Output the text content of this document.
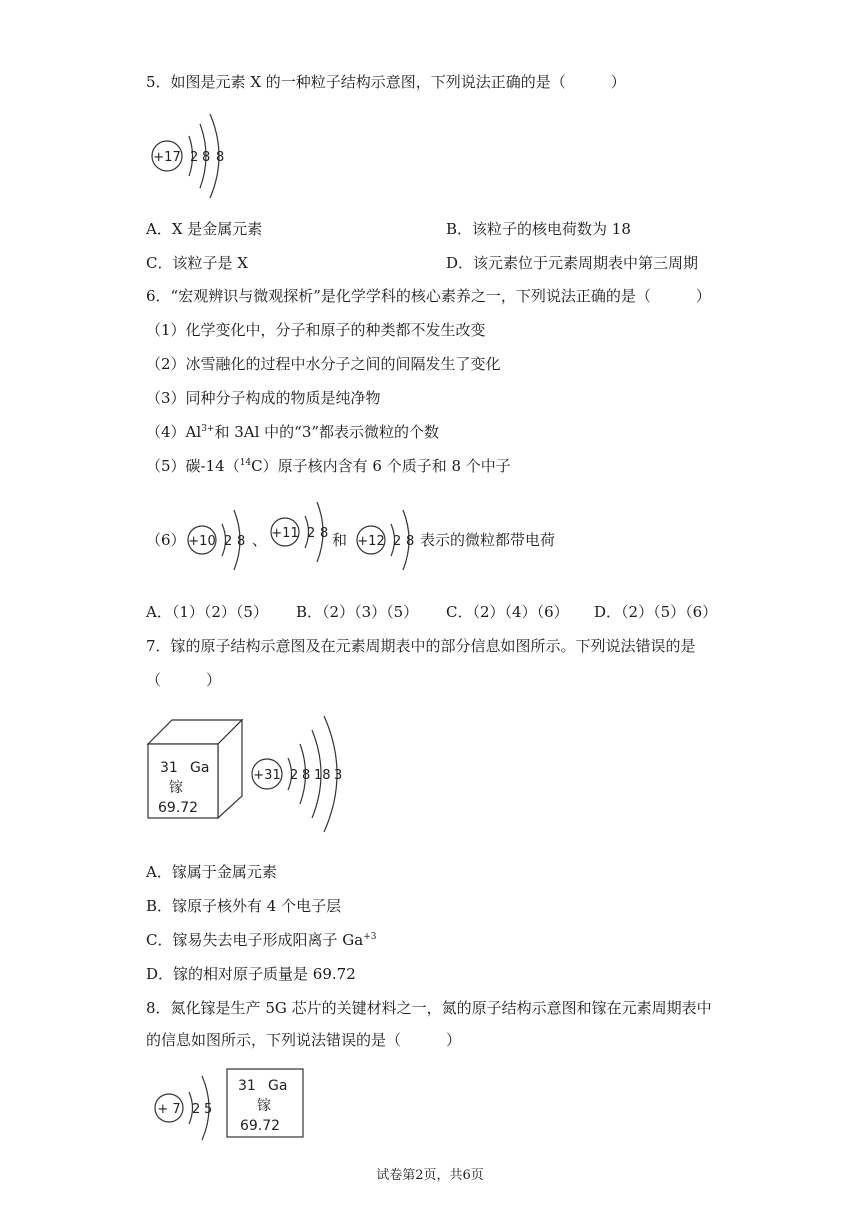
5．如图是元素 X 的一种粒子结构示意图，下列说法正确的是（　　　）
+17 2 8 8
A．X 是金属元素	B．该粒子的核电荷数为 18
C．该粒子是 X	D．该元素位于元素周期表中第三周期
6．“宏观辨识与微观探析”是化学学科的核心素养之一，下列说法正确的是（　　　）
（1）化学变化中，分子和原子的种类都不发生改变
（2）冰雪融化的过程中水分子之间的间隔发生了变化
（3）同种分子构成的物质是纯净物
$(4)Al^{3+}$和 3Al 中的“3”都表示微粒的个数
（5）碳-14（$^{14}$C）原子核内含有 6 个质子和 8 个中子
（6） +10 2 8 、 +11 2 8 和 +12 2 8 表示的微粒都带电荷
A．（1）（2）（5） B．（2）（3）（5） C．（2）（4）（6） D．（2）（5）（6）
7．镓的原子结构示意图及在元素周期表中的部分信息如图所示。下列说法错误的是
（　　　）
31 Ga
镓
69.72
+31 2 8 18 3
A．镓属于金属元素
B．镓原子核外有 4 个电子层
C．镓易失去电子形成阳离子 $Ga^{+3}$
D．镓的相对原子质量是 69.72
8．氮化镓是生产 5G 芯片的关键材料之一，氮的原子结构示意图和镓在元素周期表中
的信息如图所示，下列说法错误的是（　　　）
+ 7 2 5
31 Ga
镓
69.72
试卷第2页，共6页
